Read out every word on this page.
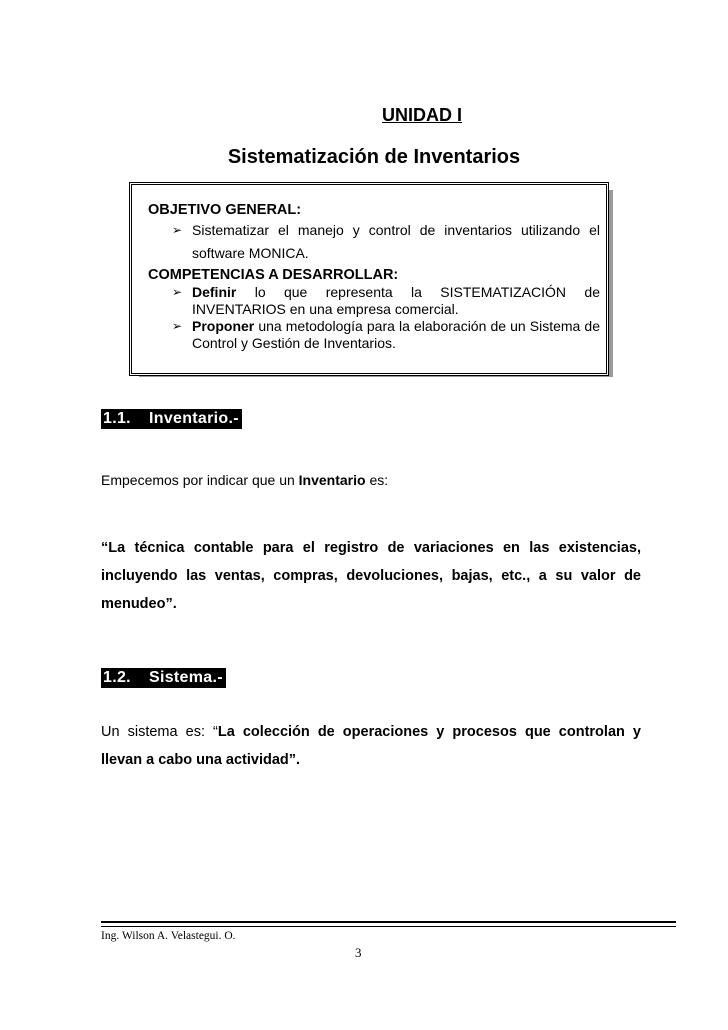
UNIDAD I
Sistematización de Inventarios
OBJETIVO GENERAL:
➢ Sistematizar el manejo y control de inventarios utilizando el software MONICA.
COMPETENCIAS A DESARROLLAR:
➢ Definir lo que representa la SISTEMATIZACIÓN de INVENTARIOS en una empresa comercial.
➢ Proponer una metodología para la elaboración de un Sistema de Control y Gestión de Inventarios.
1.1. Inventario.-
Empecemos por indicar que un Inventario es:
“La técnica contable para el registro de variaciones en las existencias, incluyendo las ventas, compras, devoluciones, bajas, etc., a su valor de menudeo”.
1.2. Sistema.-
Un sistema es: “La colección de operaciones y procesos que controlan y llevan a cabo una actividad”.
Ing. Wilson A. Velastegui. O.
3
